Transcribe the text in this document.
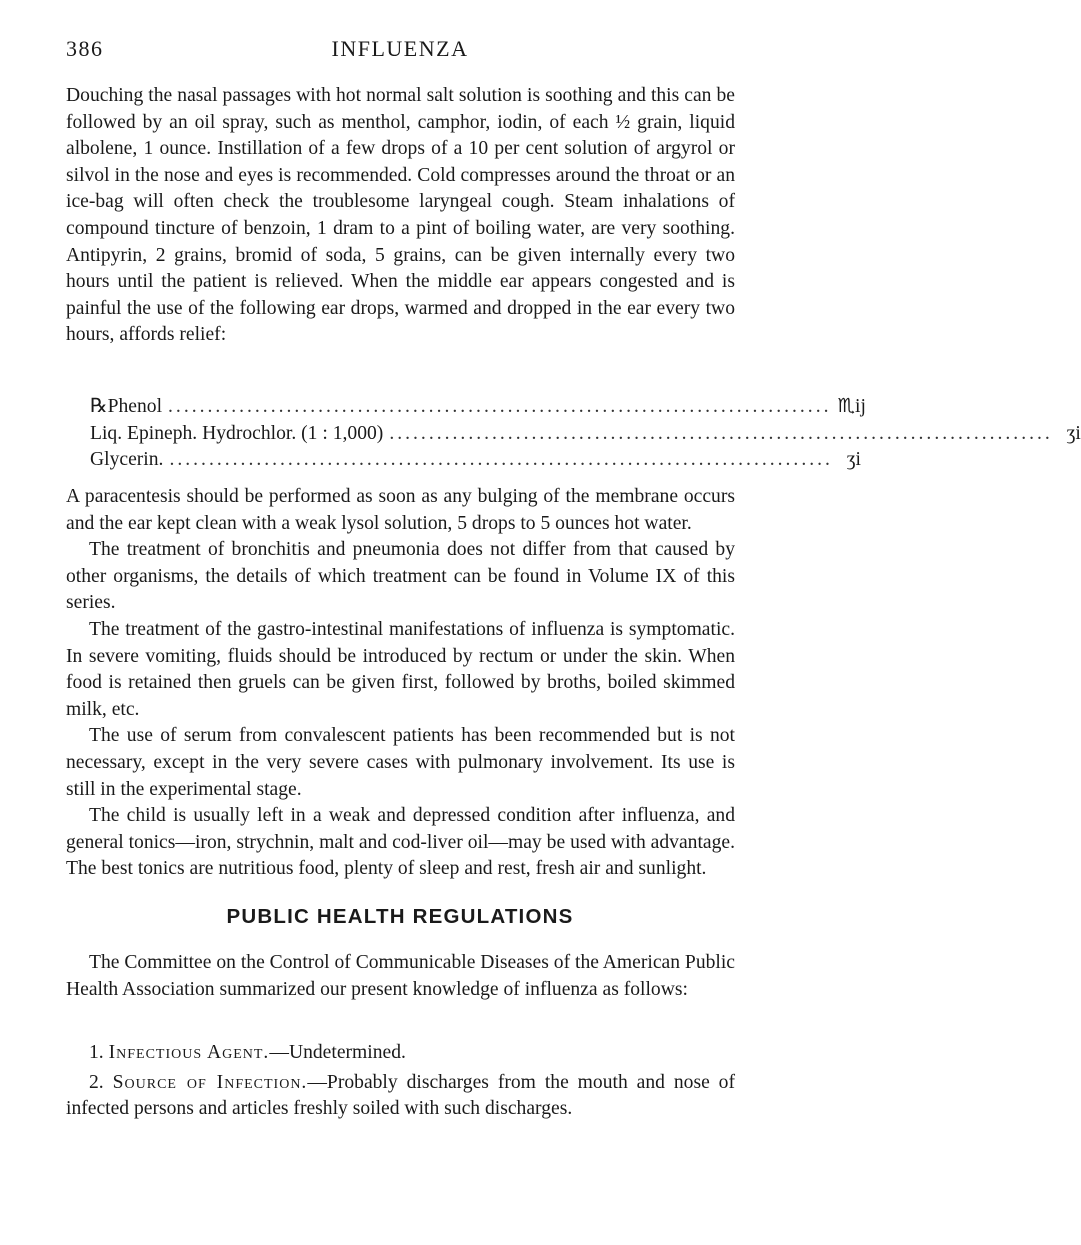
386	INFLUENZA

Douching the nasal passages with hot normal salt solution is soothing and this can be followed by an oil spray, such as menthol, camphor, iodin, of each ½ grain, liquid albolene, 1 ounce. Instillation of a few drops of a 10 per cent solution of argyrol or silvol in the nose and eyes is recommended. Cold compresses around the throat or an ice-bag will often check the troublesome laryngeal cough. Steam inhalations of compound tincture of benzoin, 1 dram to a pint of boiling water, are very soothing. Antipyrin, 2 grains, bromid of soda, 5 grains, can be given internally every two hours until the patient is relieved. When the middle ear appears congested and is painful the use of the following ear drops, warmed and dropped in the ear every two hours, affords relief:

℞ Phenol .................................................................................... ♏︎ij
Liq. Epineph. Hydrochlor. (1 : 1,000) .................................................................................... ʒi
Glycerin. .................................................................................... ʒi

A paracentesis should be performed as soon as any bulging of the membrane occurs and the ear kept clean with a weak lysol solution, 5 drops to 5 ounces hot water.

The treatment of bronchitis and pneumonia does not differ from that caused by other organisms, the details of which treatment can be found in Volume IX of this series.

The treatment of the gastro-intestinal manifestations of influenza is symptomatic. In severe vomiting, fluids should be introduced by rectum or under the skin. When food is retained then gruels can be given first, followed by broths, boiled skimmed milk, etc.

The use of serum from convalescent patients has been recommended but is not necessary, except in the very severe cases with pulmonary involvement. Its use is still in the experimental stage.

The child is usually left in a weak and depressed condition after influenza, and general tonics—iron, strychnin, malt and cod-liver oil—may be used with advantage. The best tonics are nutritious food, plenty of sleep and rest, fresh air and sunlight.

PUBLIC HEALTH REGULATIONS

The Committee on the Control of Communicable Diseases of the American Public Health Association summarized our present knowledge of influenza as follows:

1. Infectious Agent.—Undetermined.

2. Source of Infection.—Probably discharges from the mouth and nose of infected persons and articles freshly soiled with such discharges.
